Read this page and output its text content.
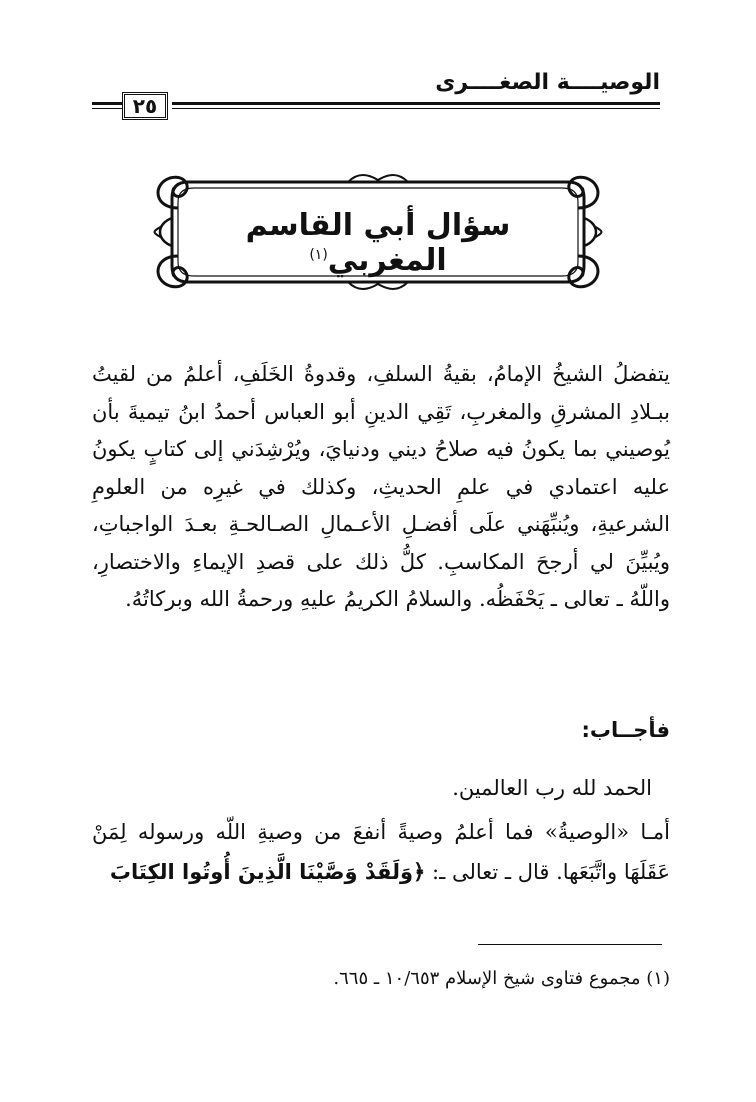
الوصيــــة الصغــــرى
٢٥
سؤال أبي القاسم المغربي$^{(١)}$
يتفضلُ الشيخُ الإمامُ، بقيةُ السلفِ، وقدوةُ الخَلَفِ، أعلمُ من لقيتُ ببـلادِ المشرقِ والمغربِ، تَقِي الدينِ أبو العباس أحمدُ ابنُ تيميةَ بأن يُوصيني بما يكونُ فيه صلاحُ ديني ودنيايَ، ويُرْشِدَني إلى كتابٍ يكونُ عليه اعتمادي في علمِ الحديثِ، وكذلك في غيرِه من العلومِ الشرعيةِ، ويُنبِّهَني علَى أفضـلِ الأعـمالِ الصـالحـةِ بعـدَ الواجباتِ، ويُبيِّنَ لي أرجحَ المكاسبِ. كلُّ ذلك على قصدِ الإيماءِ والاختصارِ، واللّهُ ـ تعالى ـ يَحْفَظُه. والسلامُ الكريمُ عليهِ ورحمةُ الله وبركاتُهُ.
فأجــاب:
الحمد لله رب العالمين.
أمـا «الوصيةُ» فما أعلمُ وصيةً أنفعَ من وصيةِ اللّه ورسوله لِمَنْ عَقَلَهَا واتَّبَعَها. قال ـ تعالى ـ: ﴿وَلَقَدْ وَصَّيْنَا الَّذِينَ أُوتُوا الكِتَابَ
(١) مجموع فتاوى شيخ الإسلام ١٠/٦٥٣ ـ ٦٦٥.
